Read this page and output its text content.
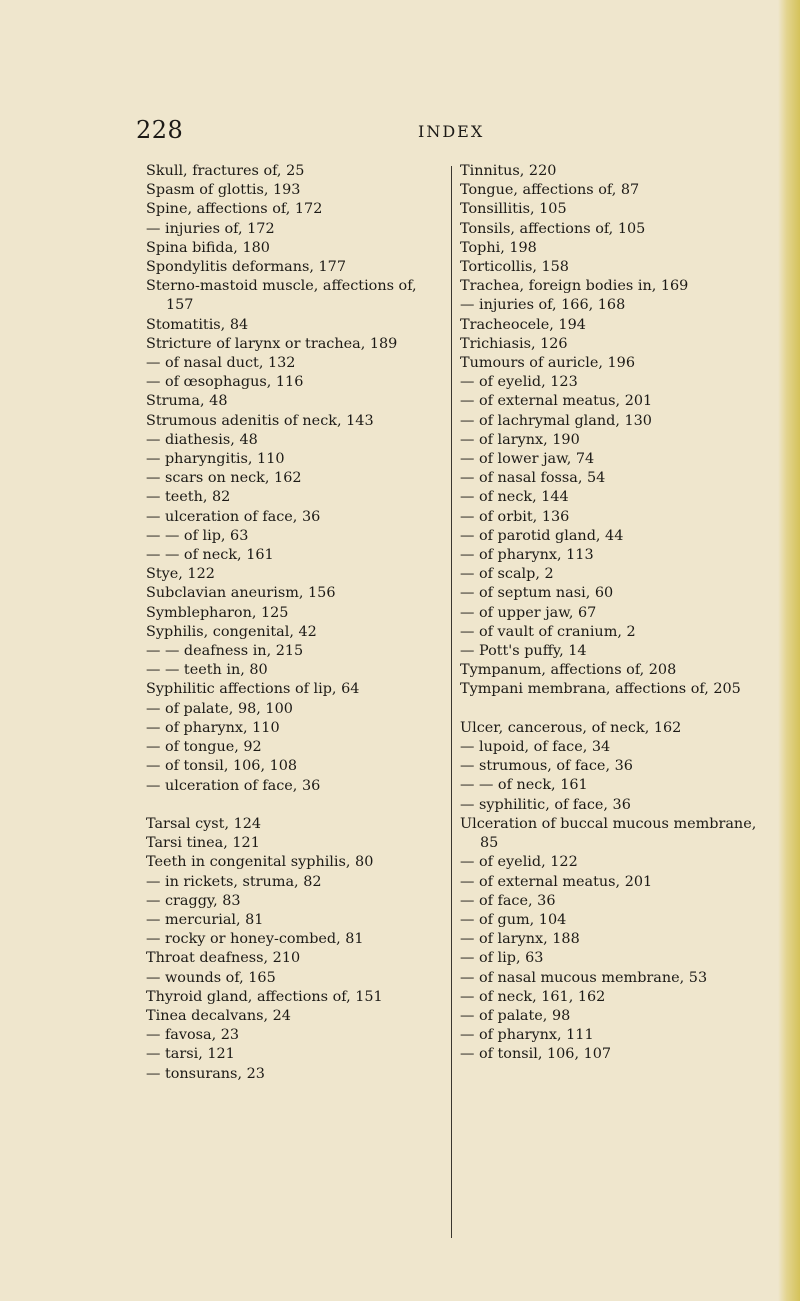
228	INDEX
Skull, fractures of, 25
Spasm of glottis, 193
Spine, affections of, 172
— injuries of, 172
Spina bifida, 180
Spondylitis deformans, 177
Sterno-mastoid muscle, affections of, 157
Stomatitis, 84
Stricture of larynx or trachea, 189
— of nasal duct, 132
— of œsophagus, 116
Struma, 48
Strumous adenitis of neck, 143
— diathesis, 48
— pharyngitis, 110
— scars on neck, 162
— teeth, 82
— ulceration of face, 36
— — of lip, 63
— — of neck, 161
Stye, 122
Subclavian aneurism, 156
Symblepharon, 125
Syphilis, congenital, 42
— — deafness in, 215
— — teeth in, 80
Syphilitic affections of lip, 64
— of palate, 98, 100
— of pharynx, 110
— of tongue, 92
— of tonsil, 106, 108
— ulceration of face, 36
Tarsal cyst, 124
Tarsi tinea, 121
Teeth in congenital syphilis, 80
— in rickets, struma, 82
— craggy, 83
— mercurial, 81
— rocky or honey-combed, 81
Throat deafness, 210
— wounds of, 165
Thyroid gland, affections of, 151
Tinea decalvans, 24
— favosa, 23
— tarsi, 121
— tonsurans, 23
Tinnitus, 220
Tongue, affections of, 87
Tonsillitis, 105
Tonsils, affections of, 105
Tophi, 198
Torticollis, 158
Trachea, foreign bodies in, 169
— injuries of, 166, 168
Tracheocele, 194
Trichiasis, 126
Tumours of auricle, 196
— of eyelid, 123
— of external meatus, 201
— of lachrymal gland, 130
— of larynx, 190
— of lower jaw, 74
— of nasal fossa, 54
— of neck, 144
— of orbit, 136
— of parotid gland, 44
— of pharynx, 113
— of scalp, 2
— of septum nasi, 60
— of upper jaw, 67
— of vault of cranium, 2
— Pott's puffy, 14
Tympanum, affections of, 208
Tympani membrana, affections of, 205
Ulcer, cancerous, of neck, 162
— lupoid, of face, 34
— strumous, of face, 36
— — of neck, 161
— syphilitic, of face, 36
Ulceration of buccal mucous membrane, 85
— of eyelid, 122
— of external meatus, 201
— of face, 36
— of gum, 104
— of larynx, 188
— of lip, 63
— of nasal mucous membrane, 53
— of neck, 161, 162
— of palate, 98
— of pharynx, 111
— of tonsil, 106, 107
